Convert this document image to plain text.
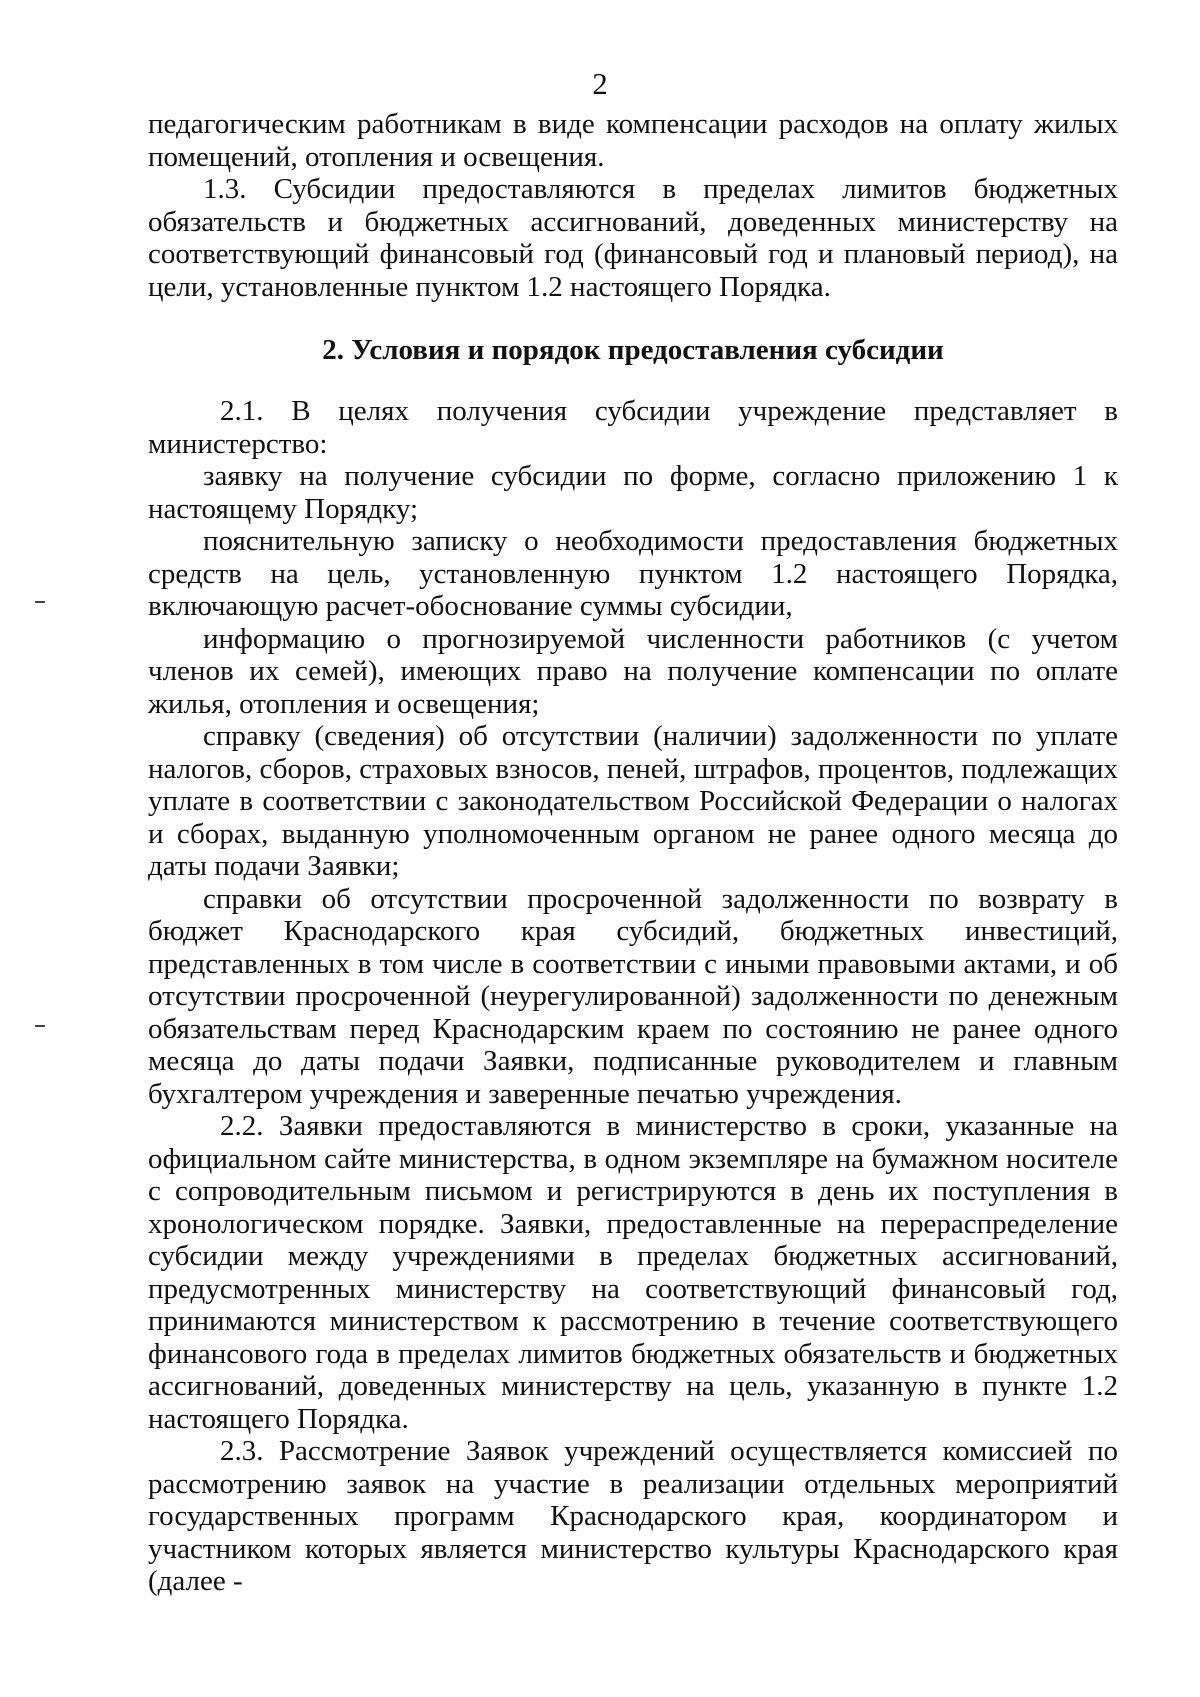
2

педагогическим работникам в виде компенсации расходов на оплату жилых помещений, отопления и освещения.

1.3. Субсидии предоставляются в пределах лимитов бюджетных обязательств и бюджетных ассигнований, доведенных министерству на соответствующий финансовый год (финансовый год и плановый период), на цели, установленные пунктом 1.2 настоящего Порядка.

2. Условия и порядок предоставления субсидии

2.1. В целях получения субсидии учреждение представляет в министерство:

заявку на получение субсидии по форме, согласно приложению 1 к настоящему Порядку;

пояснительную записку о необходимости предоставления бюджетных средств на цель, установленную пунктом 1.2 настоящего Порядка, включающую расчет-обоснование суммы субсидии,

информацию о прогнозируемой численности работников (с учетом членов их семей), имеющих право на получение компенсации по оплате жилья, отопления и освещения;

справку (сведения) об отсутствии (наличии) задолженности по уплате налогов, сборов, страховых взносов, пеней, штрафов, процентов, подлежащих уплате в соответствии с законодательством Российской Федерации о налогах и сборах, выданную уполномоченным органом не ранее одного месяца до даты подачи Заявки;

справки об отсутствии просроченной задолженности по возврату в бюджет Краснодарского края субсидий, бюджетных инвестиций, представленных в том числе в соответствии с иными правовыми актами, и об отсутствии просроченной (неурегулированной) задолженности по денежным обязательствам перед Краснодарским краем по состоянию не ранее одного месяца до даты подачи Заявки, подписанные руководителем и главным бухгалтером учреждения и заверенные печатью учреждения.

2.2. Заявки предоставляются в министерство в сроки, указанные на официальном сайте министерства, в одном экземпляре на бумажном носителе с сопроводительным письмом и регистрируются в день их поступления в хронологическом порядке. Заявки, предоставленные на перераспределение субсидии между учреждениями в пределах бюджетных ассигнований, предусмотренных министерству на соответствующий финансовый год, принимаются министерством к рассмотрению в течение соответствующего финансового года в пределах лимитов бюджетных обязательств и бюджетных ассигнований, доведенных министерству на цель, указанную в пункте 1.2 настоящего Порядка.

2.3. Рассмотрение Заявок учреждений осуществляется комиссией по рассмотрению заявок на участие в реализации отдельных мероприятий государственных программ Краснодарского края, координатором и участником которых является министерство культуры Краснодарского края (далее -
